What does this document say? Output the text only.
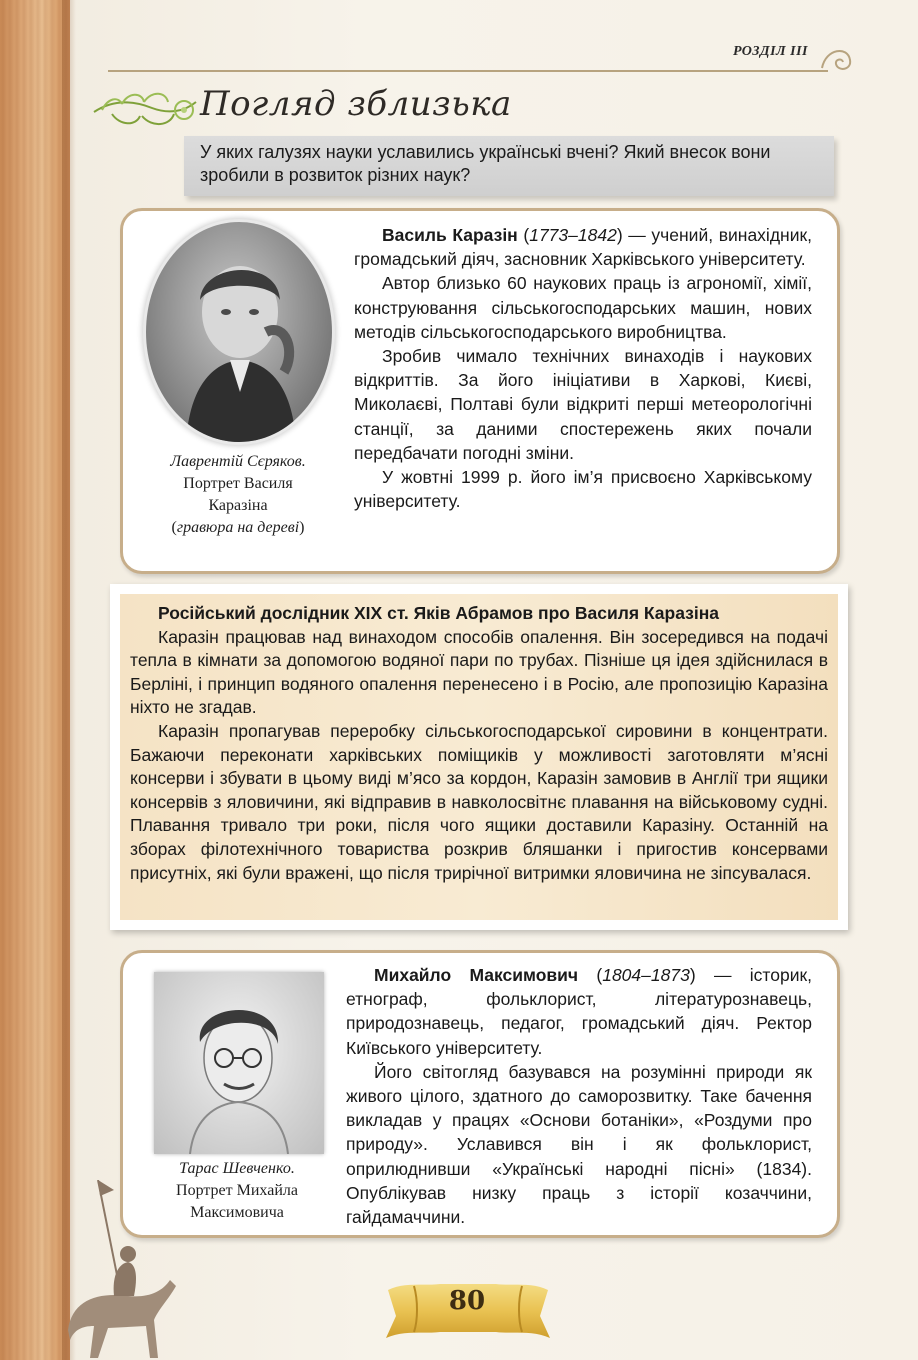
РОЗДІЛ III
Погляд зблизька
У яких галузях науки уславились українські вчені? Який внесок вони зробили в розвиток різних наук?
Лаврентій Сєряков.
Портрет Василя
Каразіна
(гравюра на дереві)

Василь Каразін (1773–1842) — учений, винахідник, громадський діяч, засновник Харківського університету.

Автор близько 60 наукових праць із агрономії, хімії, конструювання сільськогосподарських машин, нових методів сільськогосподарського виробництва.

Зробив чимало технічних винаходів і наукових відкриттів. За його ініціативи в Харкові, Києві, Миколаєві, Полтаві були відкриті перші метеорологічні станції, за даними спостережень яких почали передбачати погодні зміни.

У жовтні 1999 р. його ім’я присвоєно Харківському університету.

Російський дослідник XIX ст. Яків Абрамов про Василя Каразіна

Каразін працював над винаходом способів опалення. Він зосередився на подачі тепла в кімнати за допомогою водяної пари по трубах. Пізніше ця ідея здійснилася в Берліні, і принцип водяного опалення перенесено і в Росію, але пропозицію Каразіна ніхто не згадав.

Каразін пропагував переробку сільськогосподарської сировини в концентрати. Бажаючи переконати харківських поміщиків у можливості заготовляти м’ясні консерви і збувати в цьому виді м’ясо за кордон, Каразін замовив в Англії три ящики консервів з яловичини, які відправив в навколосвітнє плавання на військовому судні. Плавання тривало три роки, після чого ящики доставили Каразіну. Останній на зборах філотехнічного товариства розкрив бляшанки і пригостив консервами присутніх, які були вражені, що після трирічної витримки яловичина не зіпсувалася.

Тарас Шевченко.
Портрет Михайла
Максимовича

Михайло Максимович (1804–1873) — історик, етнограф, фольклорист, літературознавець, природознавець, педагог, громадський діяч. Ректор Київського університету.

Його світогляд базувався на розумінні природи як живого цілого, здатного до саморозвитку. Таке бачення викладав у працях «Основи ботаніки», «Роздуми про природу». Уславився він і як фольклорист, оприлюднивши «Українські народні пісні» (1834). Опублікував низку праць з історії козаччини, гайдамаччини.

80
